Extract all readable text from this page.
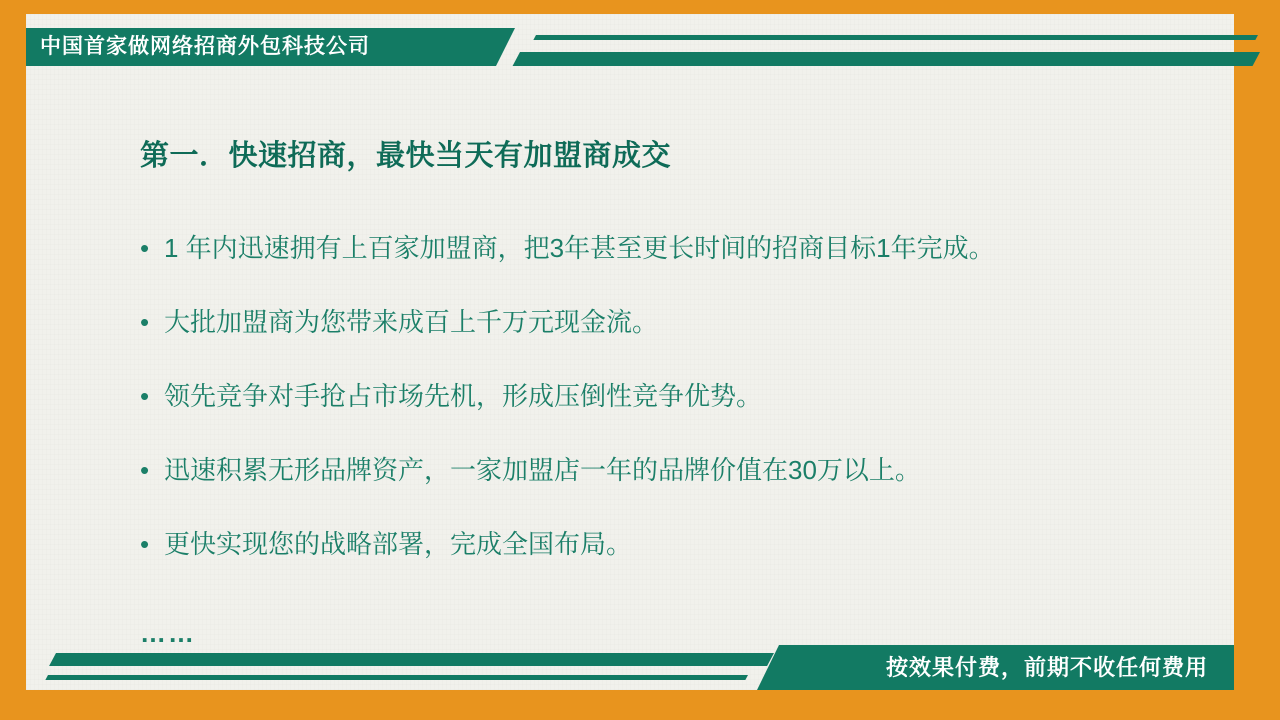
中国首家做网络招商外包科技公司
第一．快速招商，最快当天有加盟商成交
• 1 年内迅速拥有上百家加盟商，把3年甚至更长时间的招商目标1年完成。
• 大批加盟商为您带来成百上千万元现金流。
• 领先竞争对手抢占市场先机，形成压倒性竞争优势。
• 迅速积累无形品牌资产，一家加盟店一年的品牌价值在30万以上。
• 更快实现您的战略部署，完成全国布局。
……
按效果付费，前期不收任何费用
